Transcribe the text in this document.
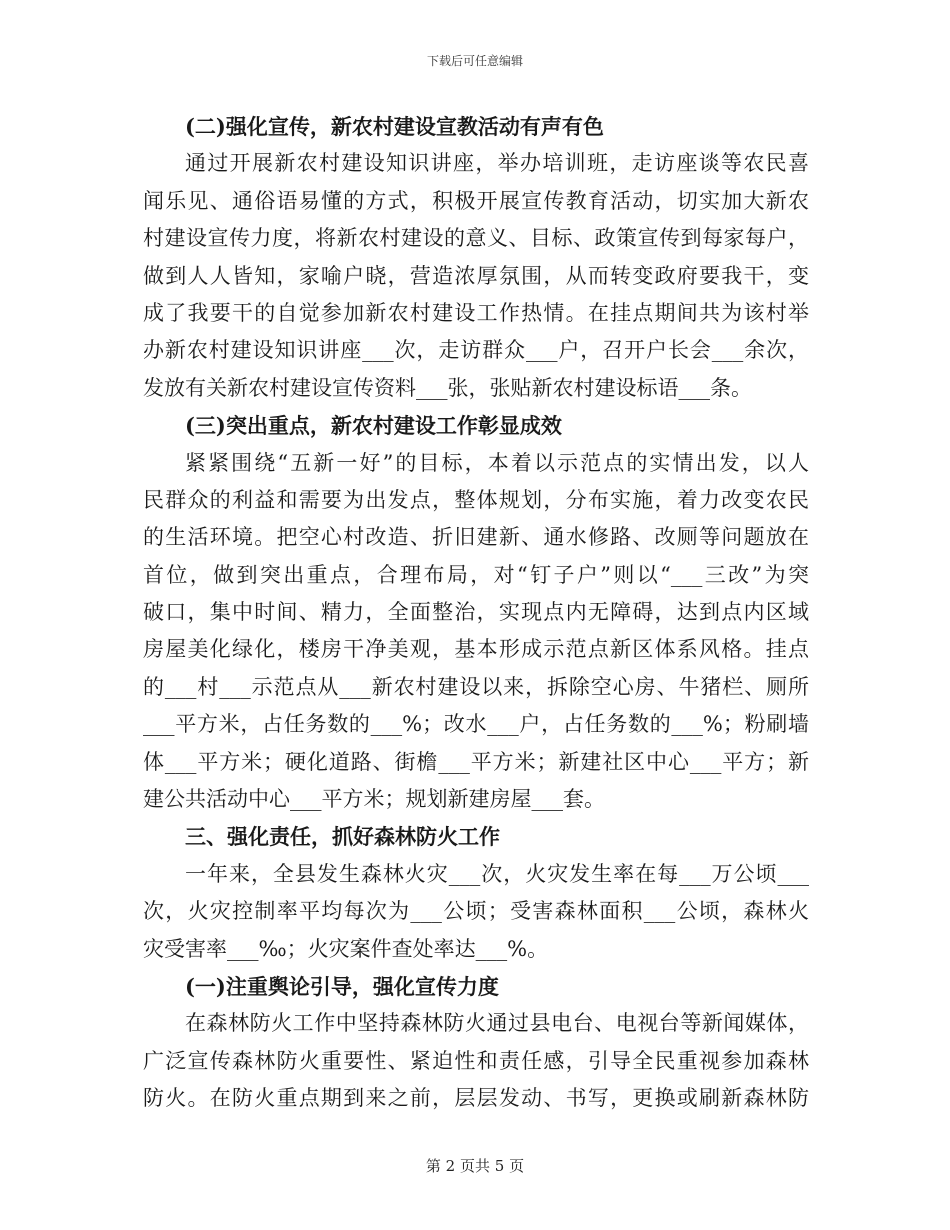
下载后可任意编辑
(二)强化宣传，新农村建设宣教活动有声有色
通过开展新农村建设知识讲座，举办培训班，走访座谈等农民喜
闻乐见、通俗语易懂的方式，积极开展宣传教育活动，切实加大新农
村建设宣传力度，将新农村建设的意义、目标、政策宣传到每家每户，
做到人人皆知，家喻户晓，营造浓厚氛围，从而转变政府要我干，变
成了我要干的自觉参加新农村建设工作热情。在挂点期间共为该村举
办新农村建设知识讲座___次，走访群众___户，召开户长会___余次，
发放有关新农村建设宣传资料___张，张贴新农村建设标语___条。
(三)突出重点，新农村建设工作彰显成效
紧紧围绕“五新一好”的目标，本着以示范点的实情出发，以人
民群众的利益和需要为出发点，整体规划，分布实施，着力改变农民
的生活环境。把空心村改造、折旧建新、通水修路、改厕等问题放在
首位，做到突出重点，合理布局，对“钉子户”则以“___三改”为突
破口，集中时间、精力，全面整治，实现点内无障碍，达到点内区域
房屋美化绿化，楼房干净美观，基本形成示范点新区体系风格。挂点
的___村___示范点从___新农村建设以来，拆除空心房、牛猪栏、厕所
___平方米，占任务数的___%；改水___户，占任务数的___%；粉刷墙
体___平方米；硬化道路、街檐___平方米；新建社区中心___平方；新
建公共活动中心___平方米；规划新建房屋___套。
三、强化责任，抓好森林防火工作
一年来，全县发生森林火灾___次，火灾发生率在每___万公顷___
次，火灾控制率平均每次为___公顷；受害森林面积___公顷，森林火
灾受害率___‰；火灾案件查处率达___%。
(一)注重舆论引导，强化宣传力度
在森林防火工作中坚持森林防火通过县电台、电视台等新闻媒体，
广泛宣传森林防火重要性、紧迫性和责任感，引导全民重视参加森林
防火。在防火重点期到来之前，层层发动、书写，更换或刷新森林防
第 2 页共 5 页
